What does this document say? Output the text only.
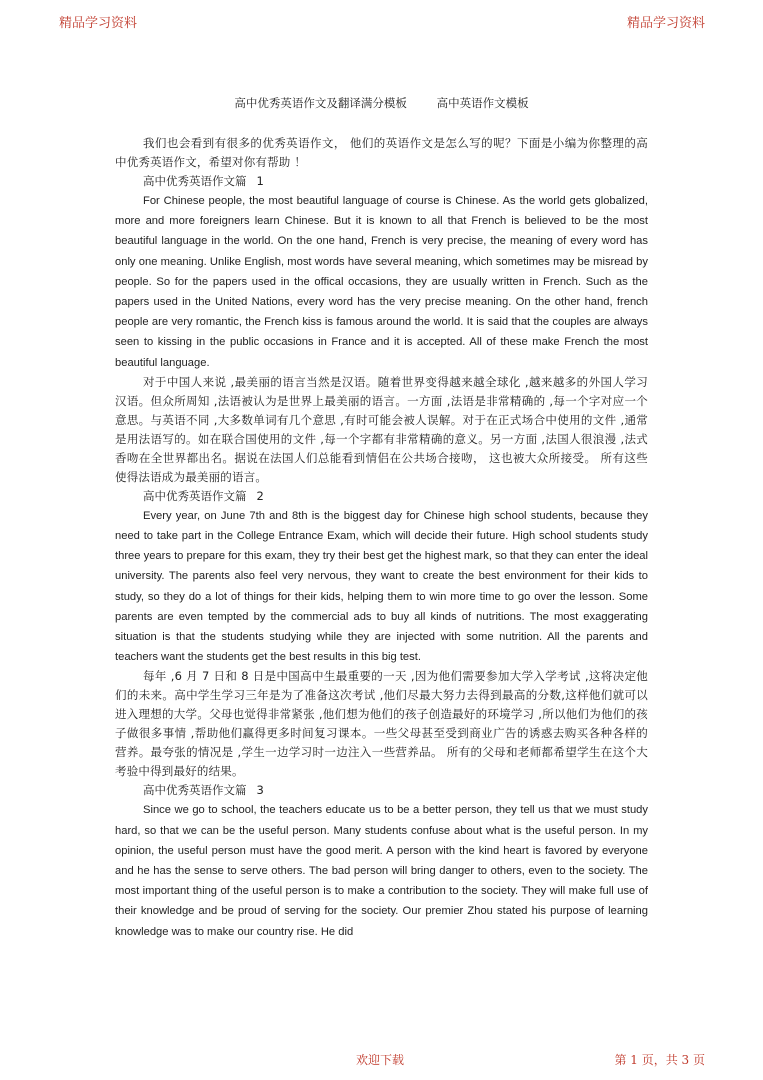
精品学习资料	精品学习资料
高中优秀英语作文及翻译满分模板 高中英语作文模板

我们也会看到有很多的优秀英语作文， 他们的英语作文是怎么写的呢？下面是小编为你整理的高中优秀英语作文，希望对你有帮助 ！

高中优秀英语作文篇 1

For Chinese people, the most beautiful language of course is Chinese. As the world gets globalized, more and more foreigners learn Chinese. But it is known to all that French is believed to be the most beautiful language in the world. On the one hand, French is very precise, the meaning of every word has only one meaning. Unlike English, most words have several meaning, which sometimes may be misread by people. So for the papers used in the offical occasions, they are usually written in French. Such as the papers used in the United Nations, every word has the very precise meaning. On the other hand, french people are very romantic, the French kiss is famous around the world. It is said that the couples are always seen to kissing in the public occasions in France and it is accepted. All of these make French the most beautiful language.

对于中国人来说 ,最美丽的语言当然是汉语。随着世界变得越来越全球化 ,越来越多的外国人学习汉语。但众所周知 ,法语被认为是世界上最美丽的语言。一方面 ,法语是非常精确的 ,每一个字对应一个意思。与英语不同 ,大多数单词有几个意思 ,有时可能会被人误解。对于在正式场合中使用的文件 ,通常是用法语写的。如在联合国使用的文件 ,每一个字都有非常精确的意义。另一方面 ,法国人很浪漫 ,法式香吻在全世界都出名。据说在法国人们总能看到情侣在公共场合接吻， 这也被大众所接受。 所有这些使得法语成为最美丽的语言。

高中优秀英语作文篇 2

Every year, on June 7th and 8th is the biggest day for Chinese high school students, because they need to take part in the College Entrance Exam, which will decide their future. High school students study three years to prepare for this exam, they try their best get the highest mark, so that they can enter the ideal university. The parents also feel very nervous, they want to create the best environment for their kids to study, so they do a lot of things for their kids, helping them to win more time to go over the lesson. Some parents are even tempted by the commercial ads to buy all kinds of nutritions. The most exaggerating situation is that the students studying while they are injected with some nutrition. All the parents and teachers want the students get the best results in this big test.

每年 ,6 月 7 日和 8 日是中国高中生最重要的一天 ,因为他们需要参加大学入学考试 ,这将决定他们的未来。高中学生学习三年是为了准备这次考试 ,他们尽最大努力去得到最高的分数,这样他们就可以进入理想的大学。父母也觉得非常紧张 ,他们想为他们的孩子创造最好的环境学习 ,所以他们为他们的孩子做很多事情 ,帮助他们赢得更多时间复习课本。一些父母甚至受到商业广告的诱惑去购买各种各样的营养。最夸张的情况是 ,学生一边学习时一边注入一些营养品。 所有的父母和老师都希望学生在这个大考验中得到最好的结果。

高中优秀英语作文篇 3

Since we go to school, the teachers educate us to be a better person, they tell us that we must study hard, so that we can be the useful person. Many students confuse about what is the useful person. In my opinion, the useful person must have the good merit. A person with the kind heart is favored by everyone and he has the sense to serve others. The bad person will bring danger to others, even to the society. The most important thing of the useful person is to make a contribution to the society. They will make full use of their knowledge and be proud of serving for the society. Our premier Zhou stated his purpose of learning knowledge was to make our country rise. He did

欢迎下载	第 1 页，共 3 页
